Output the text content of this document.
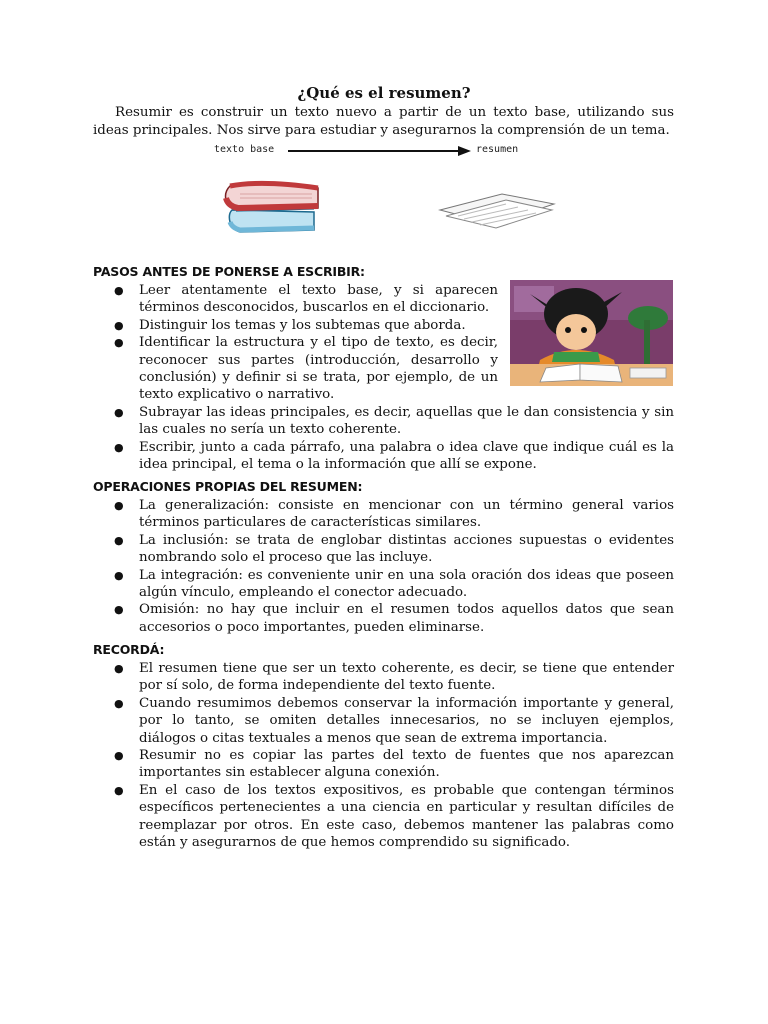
¿Qué es el resumen?
Resumir es construir un texto nuevo a partir de un texto base, utilizando sus ideas principales. Nos sirve para estudiar y asegurarnos la comprensión de un tema.
texto base	resumen
PASOS ANTES DE PONERSE A ESCRIBIR:
● Leer atentamente el texto base, y si aparecen términos desconocidos, buscarlos en el diccionario.
● Distinguir los temas y los subtemas que aborda.
● Identificar la estructura y el tipo de texto, es decir, reconocer sus partes (introducción, desarrollo y conclusión) y definir si se trata, por ejemplo, de un texto explicativo o narrativo.
● Subrayar las ideas principales, es decir, aquellas que le dan consistencia y sin las cuales no sería un texto coherente.
● Escribir, junto a cada párrafo, una palabra o idea clave que indique cuál es la idea principal, el tema o la información que allí se expone.
OPERACIONES PROPIAS DEL RESUMEN:
● La generalización: consiste en mencionar con un término general varios términos particulares de características similares.
● La inclusión: se trata de englobar distintas acciones supuestas o evidentes nombrando solo el proceso que las incluye.
● La integración: es conveniente unir en una sola oración dos ideas que poseen algún vínculo, empleando el conector adecuado.
● Omisión: no hay que incluir en el resumen todos aquellos datos que sean accesorios o poco importantes, pueden eliminarse.
RECORDÁ:
● El resumen tiene que ser un texto coherente, es decir, se tiene que entender por sí solo, de forma independiente del texto fuente.
● Cuando resumimos debemos conservar la información importante y general, por lo tanto, se omiten detalles innecesarios, no se incluyen ejemplos, diálogos o citas textuales a menos que sean de extrema importancia.
● Resumir no es copiar las partes del texto de fuentes que nos aparezcan importantes sin establecer alguna conexión.
● En el caso de los textos expositivos, es probable que contengan términos específicos pertenecientes a una ciencia en particular y resultan difíciles de reemplazar por otros. En este caso, debemos mantener las palabras como están y asegurarnos de que hemos comprendido su significado.
